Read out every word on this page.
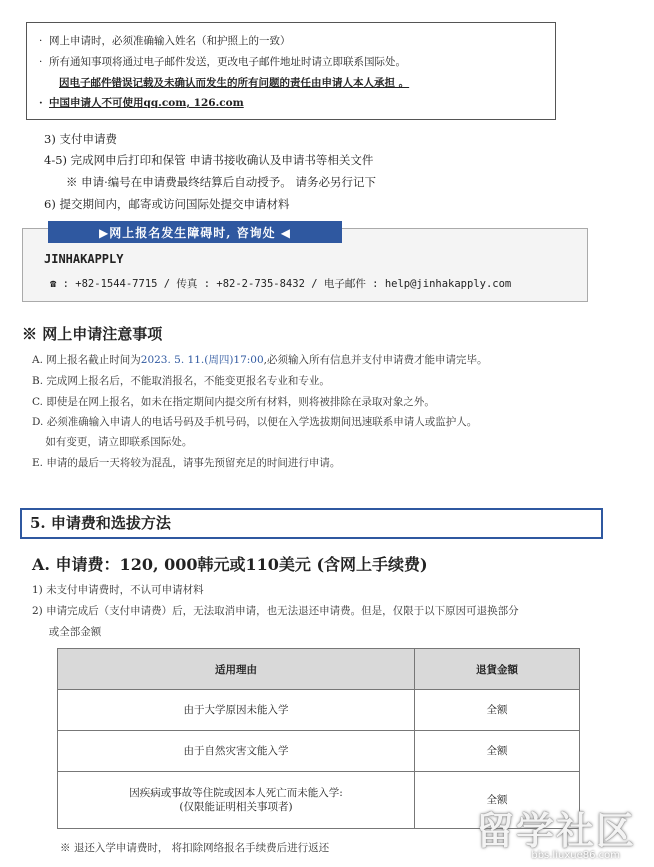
· 网上申请时，必须准确输入姓名（和护照上的一致）
· 所有通知事项将通过电子邮件发送，更改电子邮件地址时请立即联系国际处。
因电子邮件错误记载及未确认而发生的所有问题的责任由申请人本人承担 。
· 中国申请人不可使用qq.com, 126.com
3) 支付申请费
4-5) 完成网申后打印和保管 申请书接收确认及申请书等相关文件
※ 申请·编号在申请费最终结算后自动授予。 请务必另行记下
6) 提交期间内，邮寄或访问国际处提交申请材料
▶网上报名发生障碍时, 咨询处 ◀
JINHAKAPPLY
☎ : +82-1544-7715 / 传真 : +82-2-735-8432 / 电子邮件 : help@jinhakapply.com
※ 网上申请注意事项
A. 网上报名截止时间为2023. 5. 11.(周四)17:00,必须输入所有信息并支付申请费才能申请完毕。
B. 完成网上报名后，不能取消报名，不能变更报名专业和专业。
C. 即使是在网上报名，如未在指定期间内提交所有材料，则将被排除在录取对象之外。
D. 必须准确输入申请人的电话号码及手机号码，以便在入学选拔期间迅速联系申请人或监护人。
如有变更，请立即联系国际处。
E. 申请的最后一天将较为混乱，请事先预留充足的时间进行申请。
5. 申请费和选拔方法
A. 申请费：120, 000韩元或110美元 (含网上手续费)
1) 未支付申请费时，不认可申请材料
2) 申请完成后（支付申请费）后，无法取消申请，也无法退还申请费。但是，仅限于以下原因可退换部分
或全部金额
适用理由	退貨金額
由于大学原因未能入学	全额
由于自然灾害文能入学	全额

因疾病或事故等住院或因本人死亡而未能入学:
(仅限能证明相关事项者)	全额
※ 退还入学申请费时， 将扣除网络报名手续费后进行返还	留学社区
bbs.liuxue86.com
